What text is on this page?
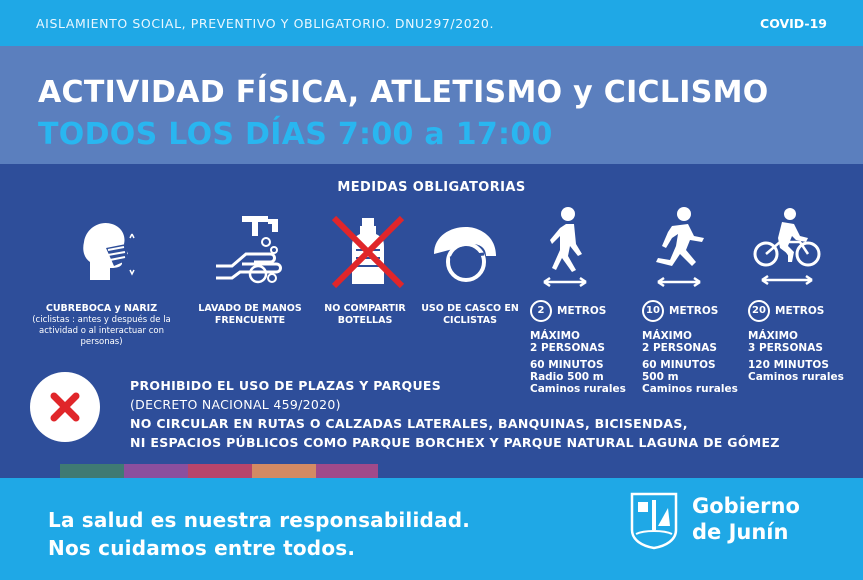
AISLAMIENTO SOCIAL, PREVENTIVO Y OBLIGATORIO. DNU297/2020.	COVID-19
ACTIVIDAD FÍSICA, ATLETISMO y CICLISMO
TODOS LOS DÍAS 7:00 a 17:00
MEDIDAS OBLIGATORIAS
CUBREBOCA y NARIZ
(ciclistas : antes y después de la actividad o al interactuar con personas)
LAVADO DE MANOS FRENCUENTE
NO COMPARTIR BOTELLAS
USO DE CASCO EN CICLISTAS
2 METROS
MÁXIMO
2 PERSONAS
60 MINUTOS
Radio 500 m
Caminos rurales
10 METROS
MÁXIMO
2 PERSONAS
60 MINUTOS
500 m
Caminos rurales
20 METROS
MÁXIMO
3 PERSONAS
120 MINUTOS
Caminos rurales
PROHIBIDO EL USO DE PLAZAS Y PARQUES
(DECRETO NACIONAL 459/2020)
NO CIRCULAR EN RUTAS O CALZADAS LATERALES, BANQUINAS, BICISENDAS,
NI ESPACIOS PÚBLICOS COMO PARQUE BORCHEX Y PARQUE NATURAL LAGUNA DE GÓMEZ
La salud es nuestra responsabilidad.
Nos cuidamos entre todos.
Gobierno
de Junín
